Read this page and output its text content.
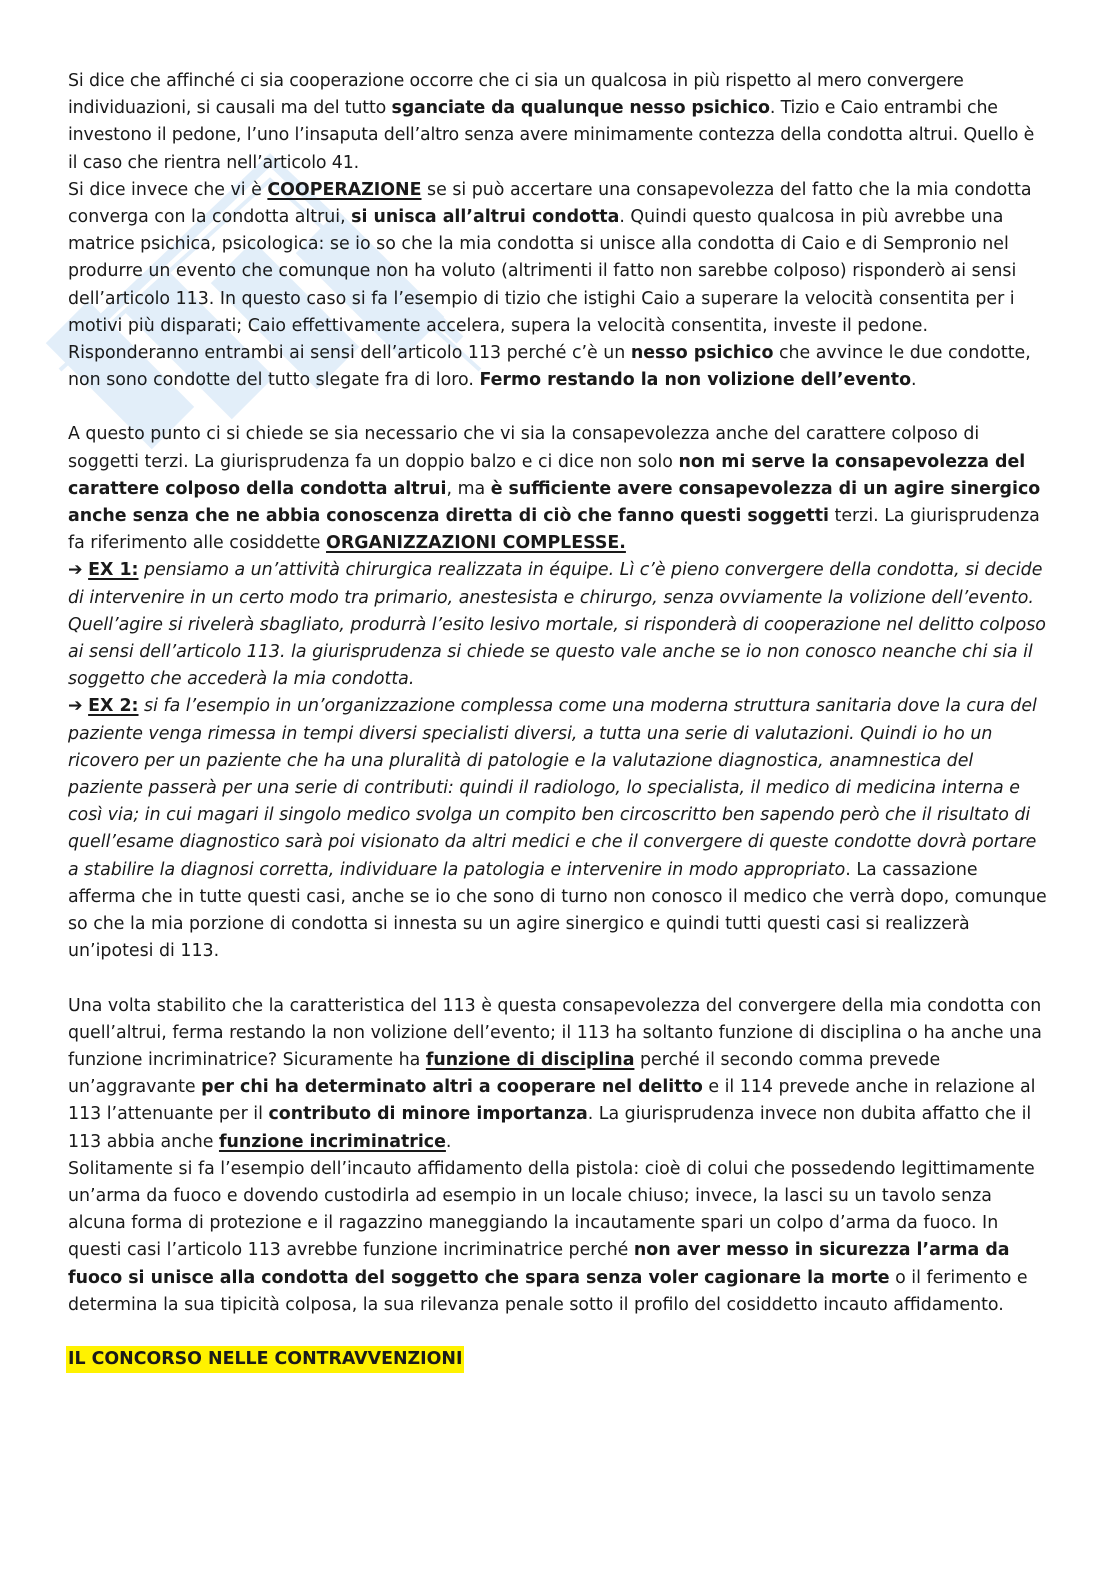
Si dice che affinché ci sia cooperazione occorre che ci sia un qualcosa in più rispetto al mero convergere individuazioni, si causali ma del tutto sganciate da qualunque nesso psichico. Tizio e Caio entrambi che investono il pedone, l’uno l’insaputa dell’altro senza avere minimamente contezza della condotta altrui. Quello è il caso che rientra nell’articolo 41.

Si dice invece che vi è COOPERAZIONE se si può accertare una consapevolezza del fatto che la mia condotta converga con la condotta altrui, si unisca all’altrui condotta. Quindi questo qualcosa in più avrebbe una matrice psichica, psicologica: se io so che la mia condotta si unisce alla condotta di Caio e di Sempronio nel produrre un evento che comunque non ha voluto (altrimenti il fatto non sarebbe colposo) risponderò ai sensi dell’articolo 113. In questo caso si fa l’esempio di tizio che istighi Caio a superare la velocità consentita per i motivi più disparati; Caio effettivamente accelera, supera la velocità consentita, investe il pedone. Risponderanno entrambi ai sensi dell’articolo 113 perché c’è un nesso psichico che avvince le due condotte, non sono condotte del tutto slegate fra di loro. Fermo restando la non volizione dell’evento.

A questo punto ci si chiede se sia necessario che vi sia la consapevolezza anche del carattere colposo di soggetti terzi. La giurisprudenza fa un doppio balzo e ci dice non solo non mi serve la consapevolezza del carattere colposo della condotta altrui, ma è sufficiente avere consapevolezza di un agire sinergico anche senza che ne abbia conoscenza diretta di ciò che fanno questi soggetti terzi. La giurisprudenza fa riferimento alle cosiddette ORGANIZZAZIONI COMPLESSE.

➔ EX 1: pensiamo a un’attività chirurgica realizzata in équipe. Lì c’è pieno convergere della condotta, si decide di intervenire in un certo modo tra primario, anestesista e chirurgo, senza ovviamente la volizione dell’evento. Quell’agire si rivelerà sbagliato, produrrà l’esito lesivo mortale, si risponderà di cooperazione nel delitto colposo ai sensi dell’articolo 113. la giurisprudenza si chiede se questo vale anche se io non conosco neanche chi sia il soggetto che accederà la mia condotta.

➔ EX 2: si fa l’esempio in un’organizzazione complessa come una moderna struttura sanitaria dove la cura del paziente venga rimessa in tempi diversi specialisti diversi, a tutta una serie di valutazioni. Quindi io ho un ricovero per un paziente che ha una pluralità di patologie e la valutazione diagnostica, anamnestica del paziente passerà per una serie di contributi: quindi il radiologo, lo specialista, il medico di medicina interna e così via; in cui magari il singolo medico svolga un compito ben circoscritto ben sapendo però che il risultato di quell’esame diagnostico sarà poi visionato da altri medici e che il convergere di queste condotte dovrà portare a stabilire la diagnosi corretta, individuare la patologia e intervenire in modo appropriato. La cassazione afferma che in tutte questi casi, anche se io che sono di turno non conosco il medico che verrà dopo, comunque so che la mia porzione di condotta si innesta su un agire sinergico e quindi tutti questi casi si realizzerà un’ipotesi di 113.

Una volta stabilito che la caratteristica del 113 è questa consapevolezza del convergere della mia condotta con quell’altrui, ferma restando la non volizione dell’evento; il 113 ha soltanto funzione di disciplina o ha anche una funzione incriminatrice? Sicuramente ha funzione di disciplina perché il secondo comma prevede un’aggravante per chi ha determinato altri a cooperare nel delitto e il 114 prevede anche in relazione al 113 l’attenuante per il contributo di minore importanza. La giurisprudenza invece non dubita affatto che il 113 abbia anche funzione incriminatrice.

Solitamente si fa l’esempio dell’incauto affidamento della pistola: cioè di colui che possedendo legittimamente un’arma da fuoco e dovendo custodirla ad esempio in un locale chiuso; invece, la lasci su un tavolo senza alcuna forma di protezione e il ragazzino maneggiando la incautamente spari un colpo d’arma da fuoco. In questi casi l’articolo 113 avrebbe funzione incriminatrice perché non aver messo in sicurezza l’arma da fuoco si unisce alla condotta del soggetto che spara senza voler cagionare la morte o il ferimento e determina la sua tipicità colposa, la sua rilevanza penale sotto il profilo del cosiddetto incauto affidamento.

IL CONCORSO NELLE CONTRAVVENZIONI
